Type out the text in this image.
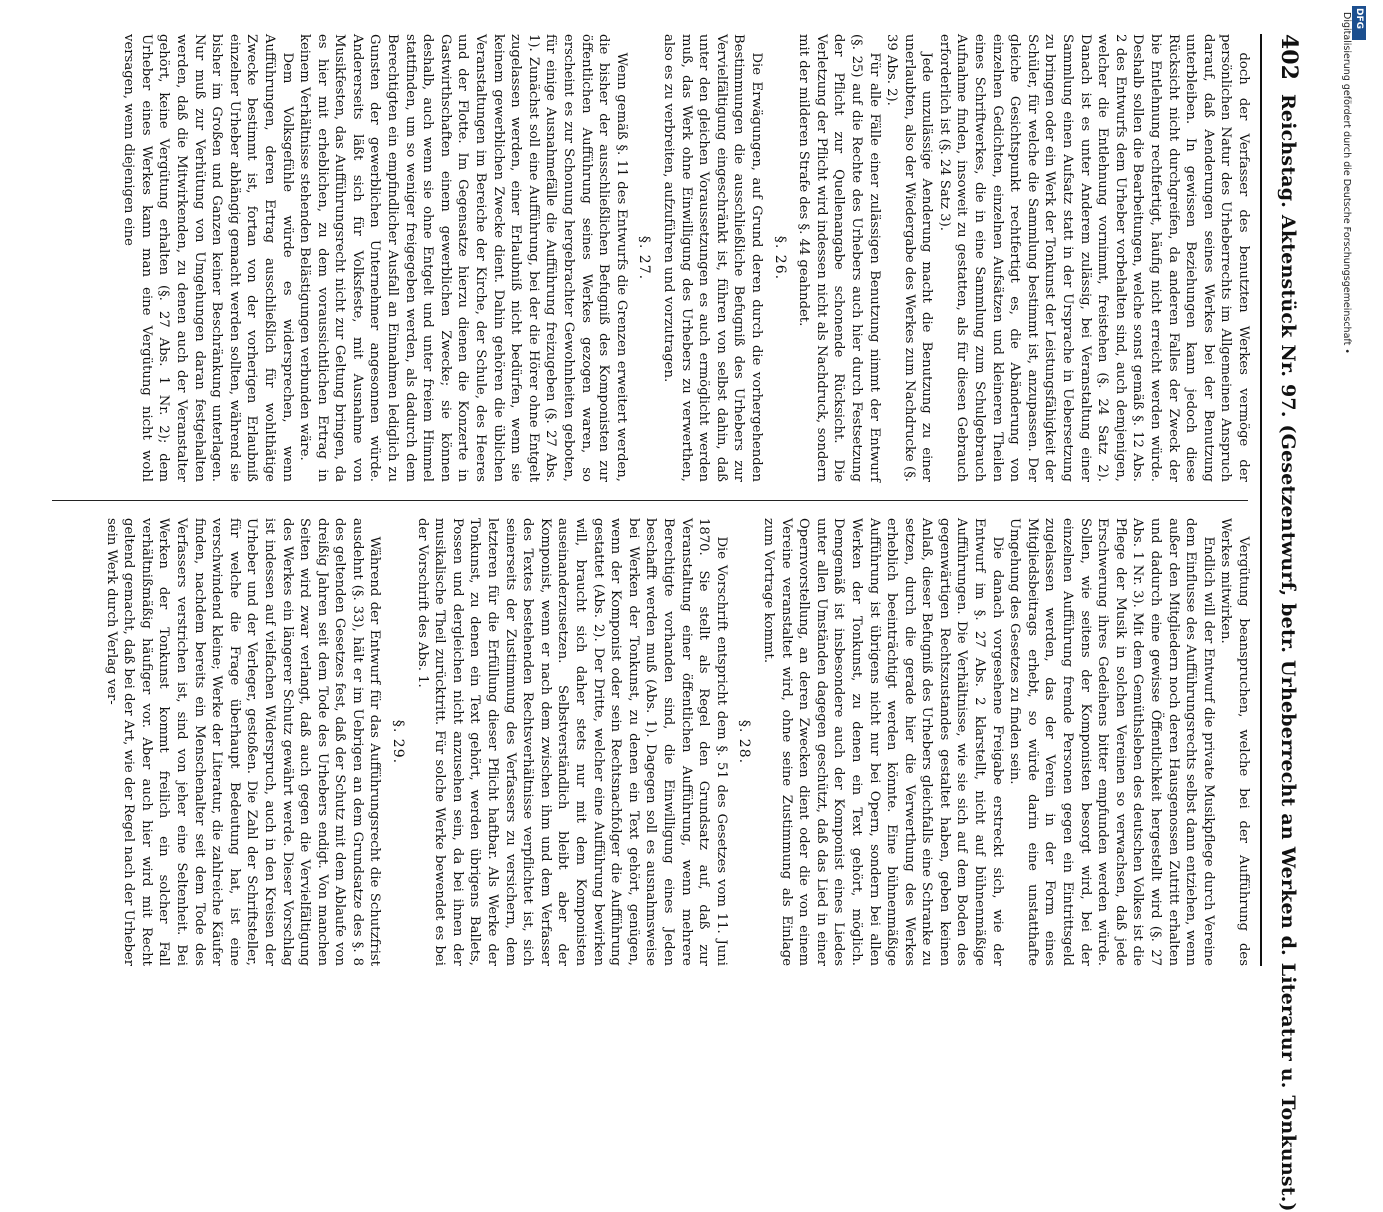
402
Reichstag. Aktenstück Nr. 97. (Gesetzentwurf, betr. Urheberrecht an Werken d. Literatur u. Tonkunst.)

doch der Verfasser des benutzten Werkes vermöge der persönlichen Natur des Urheberrechts im Allgemeinen Anspruch darauf, daß Aenderungen seines Werkes bei der Benutzung unterbleiben. In gewissen Beziehungen kann jedoch diese Rücksicht nicht durchgreifen, da anderen Falles der Zweck der bie Entlehnung rechtfertigt, häufig nicht erreicht werden würde. Deshalb sollen die Bearbeitungen, welche sonst gemäß §. 12 Abs. 2 des Entwurfs dem Urheber vorbehalten sind, auch demjenigen, welcher die Entlehnung vornimmt, freistehen (§. 24 Satz 2). Danach ist es unter Anderem zulässig, bei Veranstaltung einer Sammlung einen Aufsatz statt in der Ursprache in Uebersetzung zu bringen oder ein Werk der Tonkunst der Leistungsfähigkeit der Schüler, für welche die Sammlung bestimmt ist, anzupassen. Der gleiche Gesichtspunkt rechtfertigt es, die Abänderung von einzelnen Gedichten, einzelnen Aufsätzen und kleineren Theilen eines Schriftwerkes, die in eine Sammlung zum Schulgebrauch Aufnahme finden, insoweit zu gestatten, als für diesen Gebrauch erforderlich ist (§. 24 Satz 3).

Jede unzulässige Aenderung macht die Benutzung zu einer unerlaubten, also der Wiedergabe des Werkes zum Nachdrucke (§. 39 Abs. 2).

Für alle Fälle einer zulässigen Benutzung nimmt der Entwurf (§. 25) auf die Rechte des Urhebers auch hier durch Festsetzung der Pflicht zur Quellenangabe schonende Rücksicht. Die Verletzung der Pflicht wird indessen nicht als Nachdruck, sondern mit der milderen Strafe des §. 44 geahndet.

§. 26.

Die Erwägungen, auf Grund deren durch die vorhergehenden Bestimmungen die ausschließliche Befugniß des Urhebers zur Vervielfältigung eingeschränkt ist, führen von selbst dahin, daß unter den gleichen Voraussetzungen es auch ermöglicht werden muß, das Werk ohne Einwilligung des Urhebers zu verwerthen, also es zu verbreiten, aufzuführen und vorzutragen.

§. 27.

Wenn gemäß §. 11 des Entwurfs die Grenzen erweitert werden, die bisher der ausschließlichen Befugniß des Komponisten zur öffentlichen Aufführung seines Werkes gezogen waren, so erscheint es zur Schonung hergebrachter Gewohnheiten geboten, für einige Ausnahmefälle die Aufführung freizugeben (§. 27 Abs. 1). Zunächst soll eine Aufführung, bei der die Hörer ohne Entgelt zugelassen werden, einer Erlaubniß nicht bedürfen, wenn sie keinem gewerblichen Zwecke dient. Dahin gehören die üblichen Veranstaltungen im Bereiche der Kirche, der Schule, des Heeres und der Flotte. Im Gegensatze hierzu dienen die Konzerte in Gastwirthschaften einem gewerblichen Zwecke; sie können deshalb, auch wenn sie ohne Entgelt und unter freiem Himmel stattfinden, um so weniger freigegeben werden, als dadurch dem Berechtigten ein empfindlicher Ausfall an Einnahmen lediglich zu Gunsten der gewerblichen Unternehmer angesonnen würde. Andererseits läßt sich für Volksfeste, mit Ausnahme von Musikfesten, das Aufführungsrecht nicht zur Geltung bringen, da es hier mit erheblichen, zu dem voraussichtlichen Ertrag in keinem Verhältnisse stehenden Belästigungen verbunden wäre.

Dem Volksgefühle würde es widersprechen, wenn Aufführungen, deren Ertrag ausschließlich für wohlthätige Zwecke bestimmt ist, fortan von der vorherigen Erlaubniß einzelner Urheber abhängig gemacht werden sollten, während sie bisher im Großen und Ganzen keiner Beschränkung unterlagen. Nur muß zur Verhütung von Umgehungen daran festgehalten werden, daß die Mitwirkenden, zu denen auch der Veranstalter gehört, keine Vergütung erhalten (§. 27 Abs. 1 Nr. 2); dem Urheber eines Werkes kann man eine Vergütung nicht wohl versagen, wenn diejenigen eine

Vergütung beanspruchen, welche bei der Aufführung des Werkes mitwirken.

Endlich will der Entwurf die private Musikpflege durch Vereine dem Einflusse des Aufführungsrechts selbst dann entziehen, wenn außer den Mitgliedern noch deren Hausgenossen Zutritt erhalten und dadurch eine gewisse Öffentlichkeit hergestellt wird (§. 27 Abs. 1 Nr. 3). Mit dem Gemüthsleben des deutschen Volkes ist die Pflege der Musik in solchen Vereinen so verwachsen, daß jede Erschwerung ihres Gedeihens bitter empfunden werden würde. Sollen, wie seitens der Komponisten besorgt wird, bei der einzelnen Aufführung fremde Personen gegen ein Eintrittsgeld zugelassen werden, das der Verein in der Form eines Mitgliedsbeitrags erhebt, so würde darin eine unstatthafte Umgehung des Gesetzes zu finden sein.

Die danach vorgesehene Freigabe erstreckt sich, wie der Entwurf im §. 27 Abs. 2 klarstellt, nicht auf bühnenmäßige Aufführungen. Die Verhältnisse, wie sie sich auf dem Boden des gegenwärtigen Rechtszustandes gestaltet haben, geben keinen Anlaß, dieser Befugniß des Urhebers gleichfalls eine Schranke zu setzen, durch die gerade hier die Verwerthung des Werkes erheblich beeinträchtigt werden könnte. Eine bühnenmäßige Aufführung ist übrigens nicht nur bei Opern, sondern bei allen Werken der Tonkunst, zu denen ein Text gehört, möglich. Demgemäß ist insbesondere auch der Komponist eines Liedes unter allen Umständen dagegen geschützt, daß das Lied in einer Opernvorstellung, an deren Zwecken dient oder die von einem Vereine veranstaltet wird, ohne seine Zustimmung als Einlage zum Vortrage kommt.

§. 28.

Die Vorschrift entspricht dem §. 51 des Gesetzes vom 11. Juni 1870. Sie stellt als Regel den Grundsatz auf, daß zur Veranstaltung einer öffentlichen Aufführung, wenn mehrere Berechtigte vorhanden sind, die Einwilligung eines Jeden beschafft werden muß (Abs. 1). Dagegen soll es ausnahmsweise bei Werken der Tonkunst, zu denen ein Text gehört, genügen, wenn der Komponist oder sein Rechtsnachfolger die Aufführung gestattet (Abs. 2). Der Dritte, welcher eine Aufführung bewirken will, braucht sich daher stets nur mit dem Komponisten auseinanderzusetzen. Selbstverständlich bleibt aber der Komponist, wenn er nach dem zwischen ihm und dem Verfasser des Textes bestehenden Rechtsverhältnisse verpflichtet ist, sich seinerseits der Zustimmung des Verfassers zu versichern, dem letzteren für die Erfüllung dieser Pflicht haftbar. Als Werke der Tonkunst, zu denen ein Text gehört, werden übrigens Ballets, Possen und dergleichen nicht anzusehen sein, da bei ihnen der musikalische Theil zurücktritt. Für solche Werke bewendet es bei der Vorschrift des Abs. 1.

§. 29.

Während der Entwurf für das Aufführungsrecht die Schutzfrist ausdehnt (§. 33), hält er im Uebrigen an dem Grundsatze des §. 8 des geltenden Gesetzes fest, daß der Schutz mit dem Ablaufe von dreißig Jahren seit dem Tode des Urhebers endigt. Von manchen Seiten wird zwar verlangt, daß auch gegen die Vervielfältigung des Werkes ein längerer Schutz gewährt werde. Dieser Vorschlag ist indessen auf vielfachen Widerspruch, auch in den Kreisen der Urheber und der Verleger, gestoßen. Die Zahl der Schriftsteller, für welche die Frage überhaupt Bedeutung hat, ist eine verschwindend kleine; Werke der Literatur, die zahlreiche Käufer finden, nachdem bereits ein Menschenalter seit dem Tode des Verfassers verstrichen ist, sind von jeher eine Seltenheit. Bei Werken der Tonkunst kommt freilich ein solcher Fall verhältnißmäßig häufiger vor. Aber auch hier wird mit Recht geltend gemacht, daß bei der Art, wie der Regel nach der Urheber sein Werk durch Verlag ver-

Digitalisierung gefördert durch die Deutsche Forschungsgemeinschaft • DFG
